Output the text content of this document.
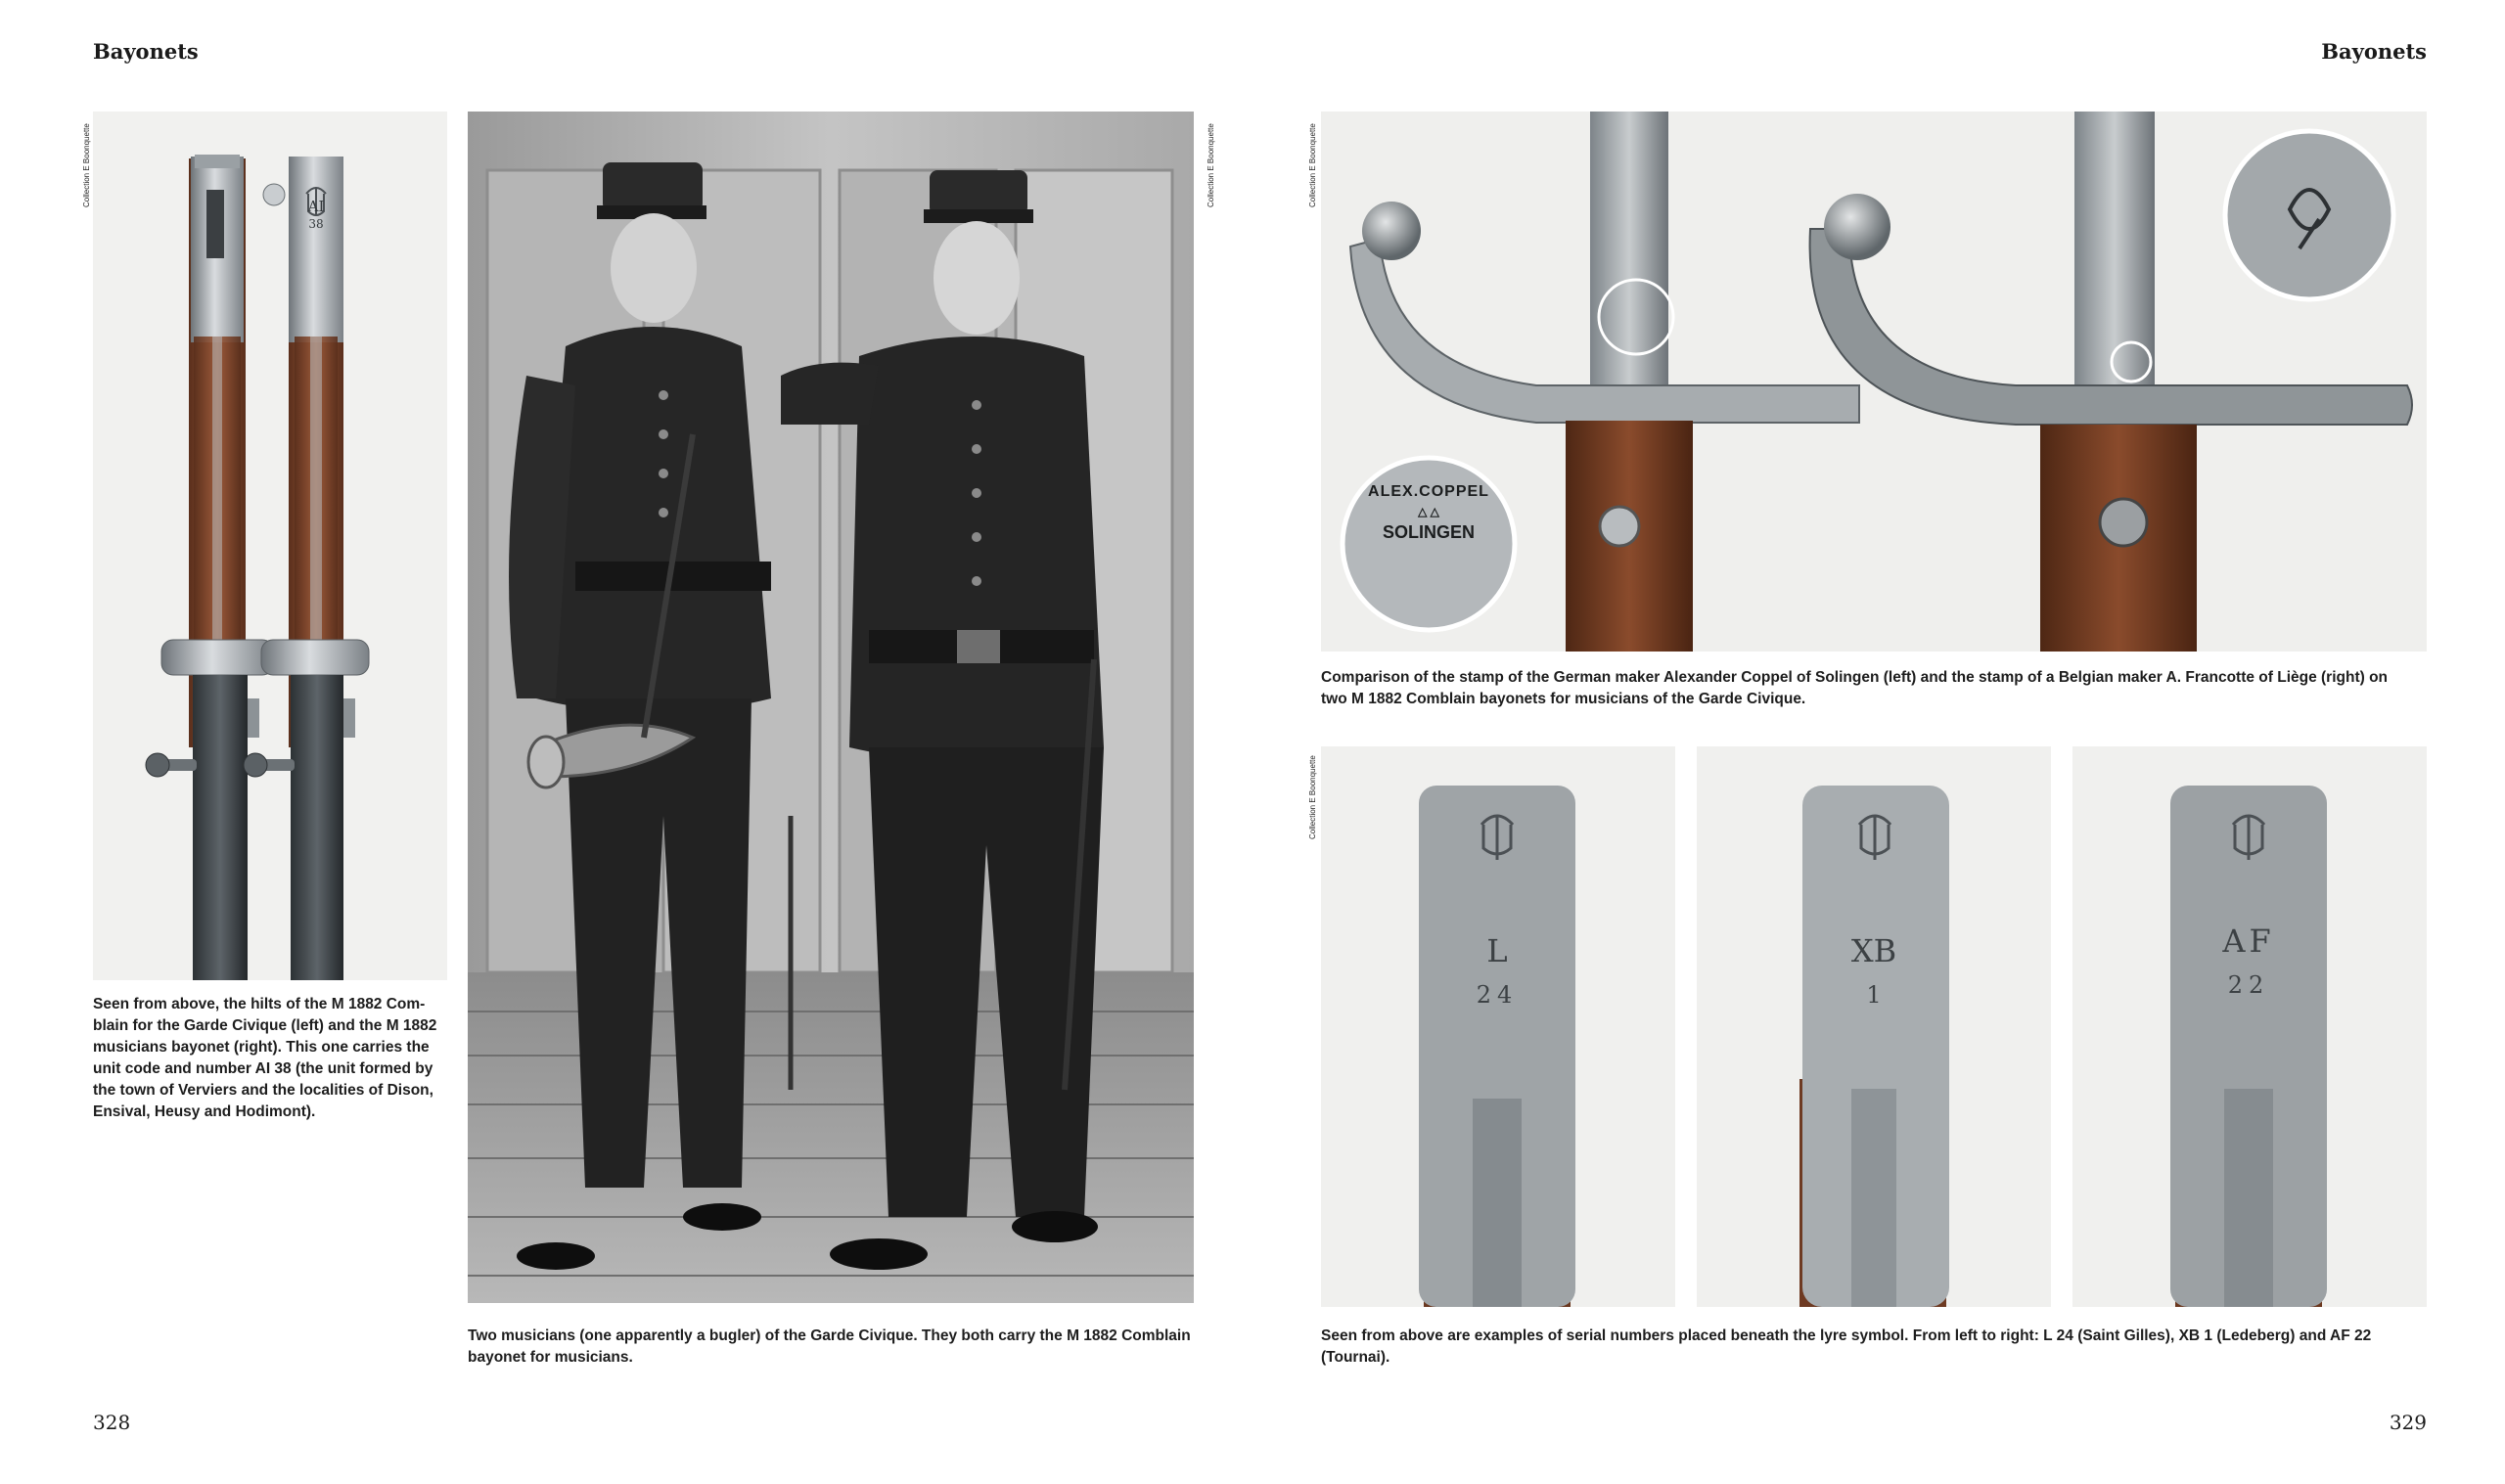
Bayonets
Collection E Boonquette	AI
38
Seen from above, the hilts of the M 1882 Com-
blain for the Garde Civique (left) and the M 1882
musicians bayonet (right). This one carries the
unit code and number AI 38 (the unit formed by
the town of Verviers and the localities of Dison,
Ensival, Heusy and Hodimont).
Collection E Boonquette
Two musicians (one apparently a bugler) of the Garde Civique. They both carry the M 1882 Comblain
bayonet for musicians.
328
Bayonets
Collection E Boonquette
ALEX.COPPEL
△ △
SOLINGEN
Comparison of the stamp of the German maker Alexander Coppel of Solingen (left) and the stamp of a Belgian maker A. Francotte of Liège (right) on
two M 1882 Comblain bayonets for musicians of the Garde Civique.
Collection E Boonquette
L
24
XB
1
AF
22
Seen from above are examples of serial numbers placed beneath the lyre symbol. From left to right: L 24 (Saint Gilles), XB 1 (Ledeberg) and AF 22
(Tournai).
329
